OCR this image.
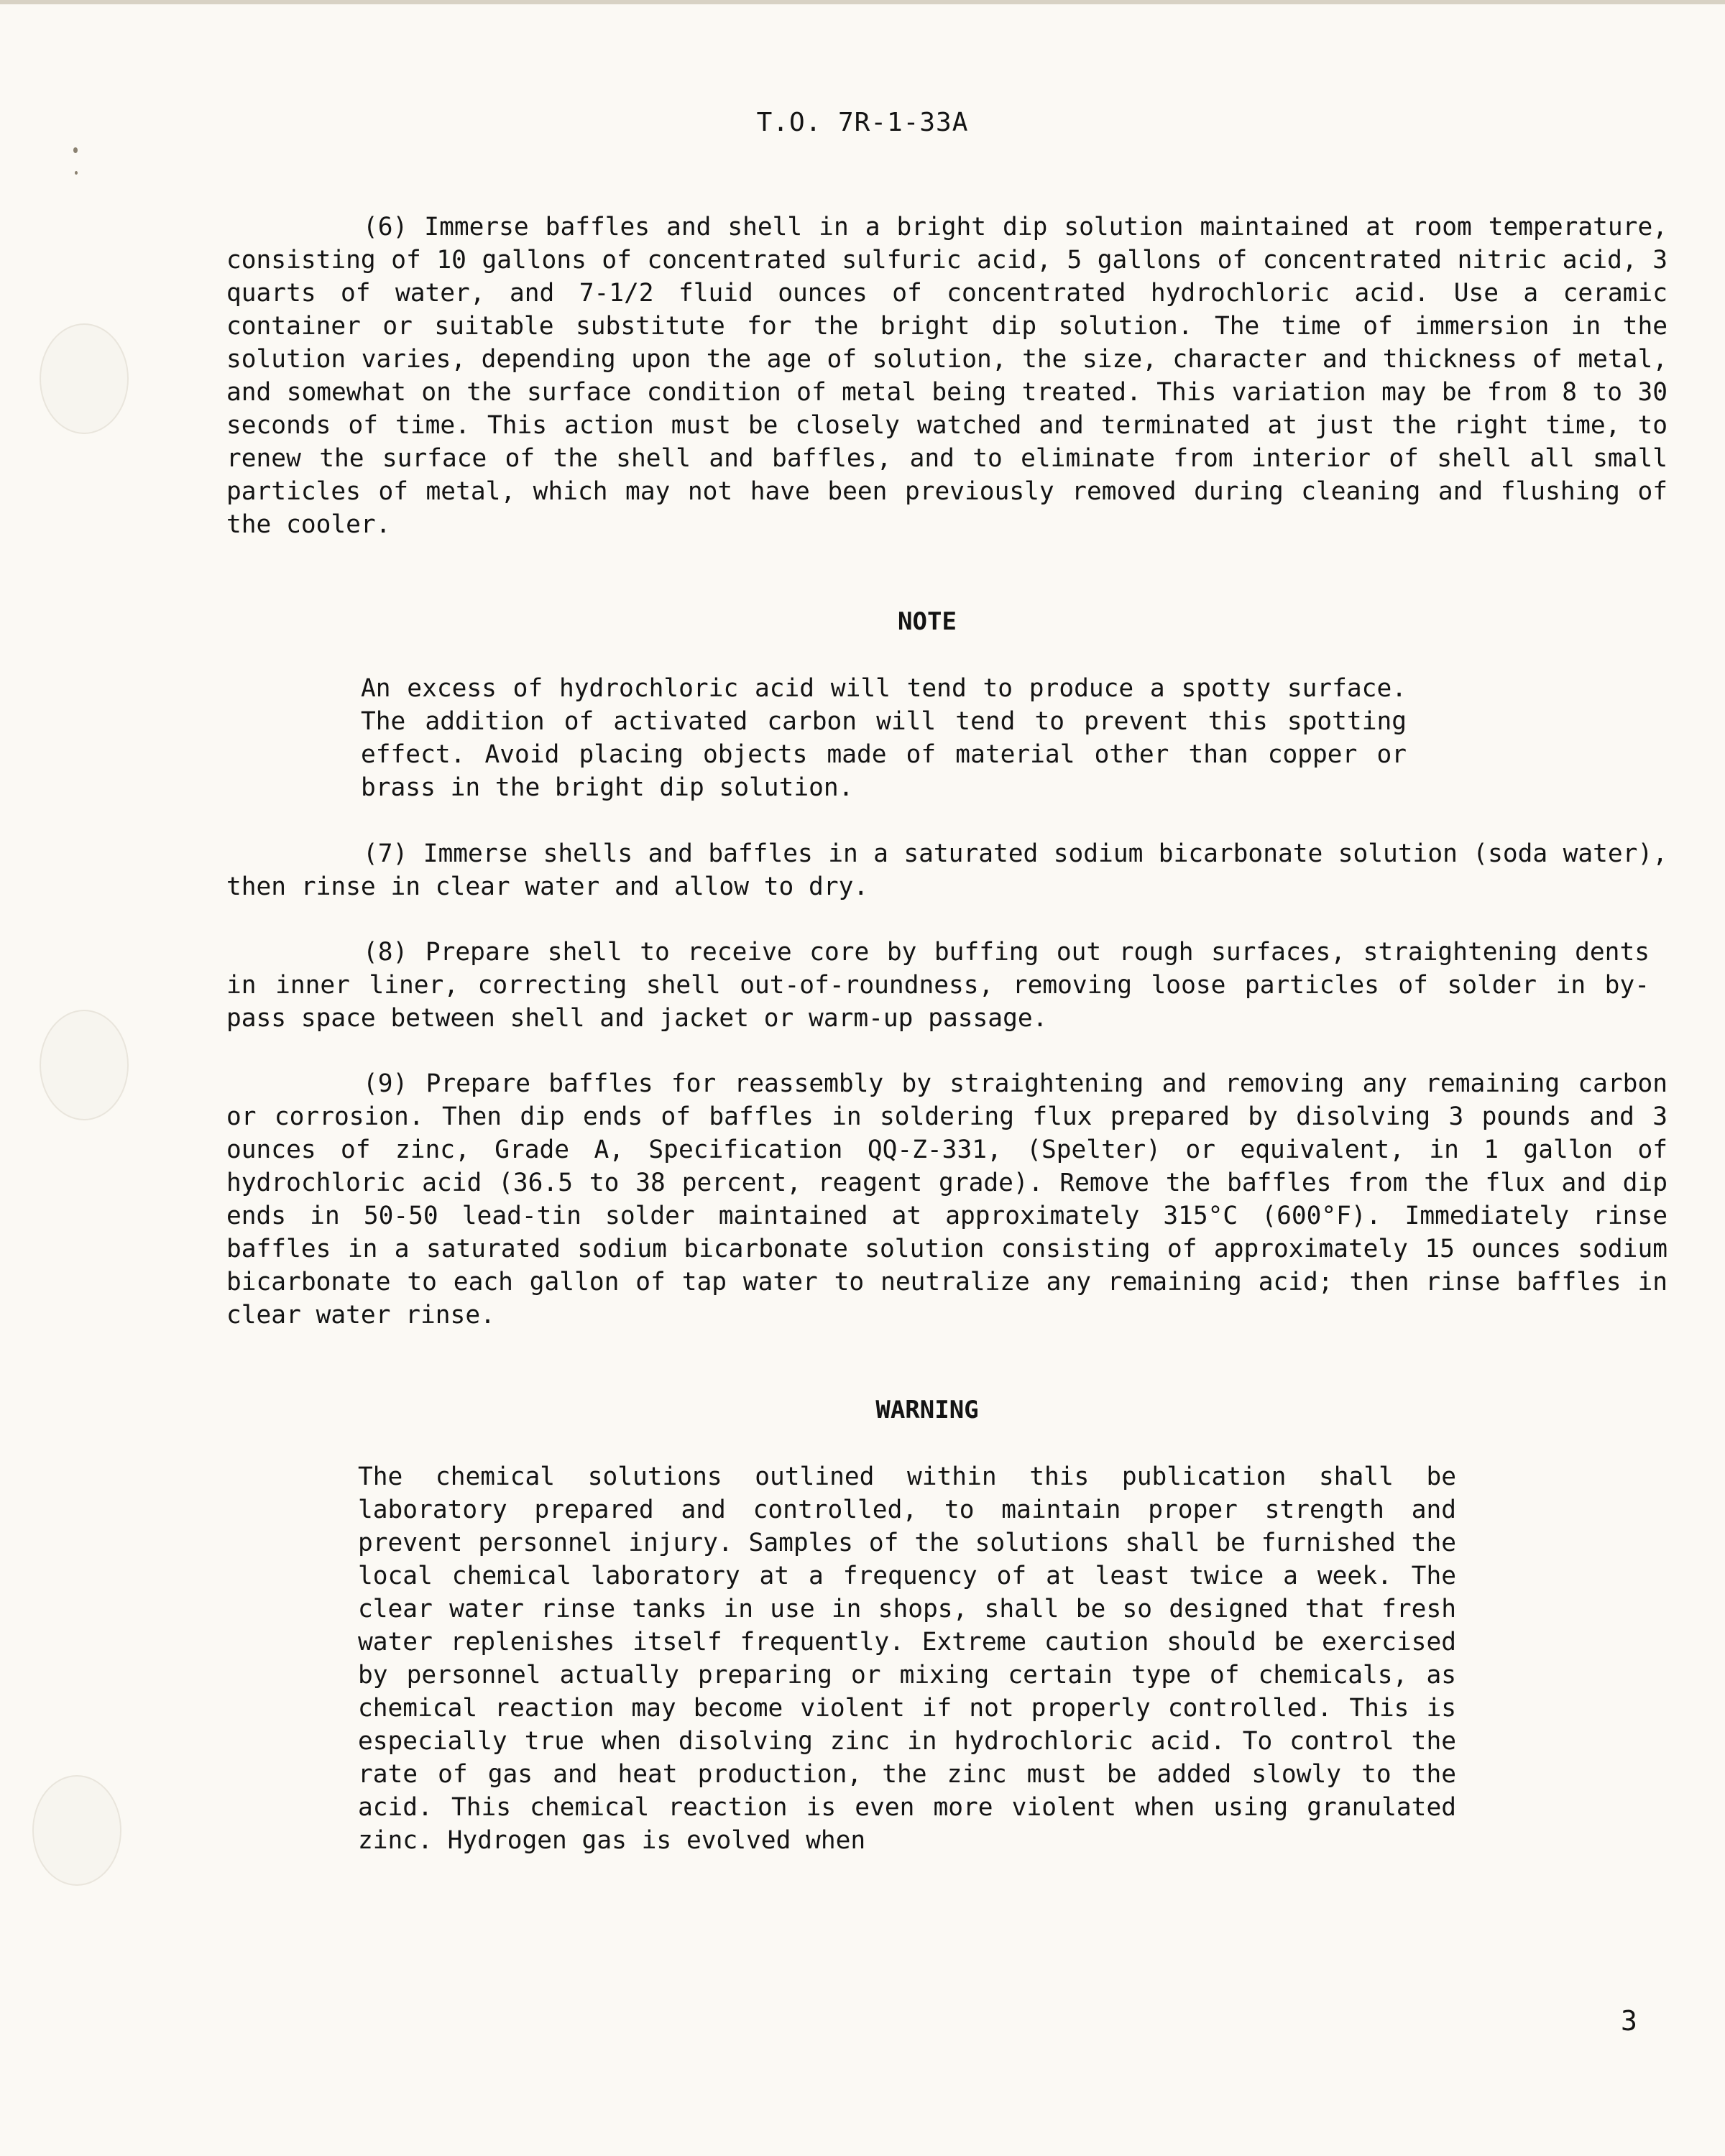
T.O. 7R-1-33A

(6) Immerse baffles and shell in a bright dip solution maintained at room temperature, consisting of 10 gallons of concentrated sulfuric acid, 5 gallons of concentrated nitric acid, 3 quarts of water, and 7-1/2 fluid ounces of concentrated hydrochloric acid. Use a ceramic container or suitable substitute for the bright dip solution. The time of immersion in the solution varies, depending upon the age of solution, the size, character and thickness of metal, and somewhat on the surface condition of metal being treated. This variation may be from 8 to 30 seconds of time. This action must be closely watched and terminated at just the right time, to renew the surface of the shell and baffles, and to eliminate from interior of shell all small particles of metal, which may not have been previously removed during cleaning and flushing of the cooler.

NOTE

An excess of hydrochloric acid will tend to produce a spotty surface. The addition of activated carbon will tend to prevent this spotting effect. Avoid placing objects made of material other than copper or brass in the bright dip solution.

(7) Immerse shells and baffles in a saturated sodium bicarbonate solution (soda water), then rinse in clear water and allow to dry.

(8) Prepare shell to receive core by buffing out rough surfaces, straightening dents in inner liner, correcting shell out-of-roundness, removing loose particles of solder in by-pass space between shell and jacket or warm-up passage.

(9) Prepare baffles for reassembly by straightening and removing any remaining carbon or corrosion. Then dip ends of baffles in soldering flux prepared by disolving 3 pounds and 3 ounces of zinc, Grade A, Specification QQ-Z-331, (Spelter) or equivalent, in 1 gallon of hydrochloric acid (36.5 to 38 percent, reagent grade). Remove the baffles from the flux and dip ends in 50-50 lead-tin solder maintained at approximately 315°C (600°F). Immediately rinse baffles in a saturated sodium bicarbonate solution consisting of approximately 15 ounces sodium bicarbonate to each gallon of tap water to neutralize any remaining acid; then rinse baffles in clear water rinse.

WARNING

The chemical solutions outlined within this publication shall be laboratory prepared and controlled, to maintain proper strength and prevent personnel injury. Samples of the solutions shall be furnished the local chemical laboratory at a frequency of at least twice a week. The clear water rinse tanks in use in shops, shall be so designed that fresh water replenishes itself frequently. Extreme caution should be exercised by personnel actually preparing or mixing certain type of chemicals, as chemical reaction may become violent if not properly controlled. This is especially true when disolving zinc in hydrochloric acid. To control the rate of gas and heat production, the zinc must be added slowly to the acid. This chemical reaction is even more violent when using granulated zinc. Hydrogen gas is evolved when

3
